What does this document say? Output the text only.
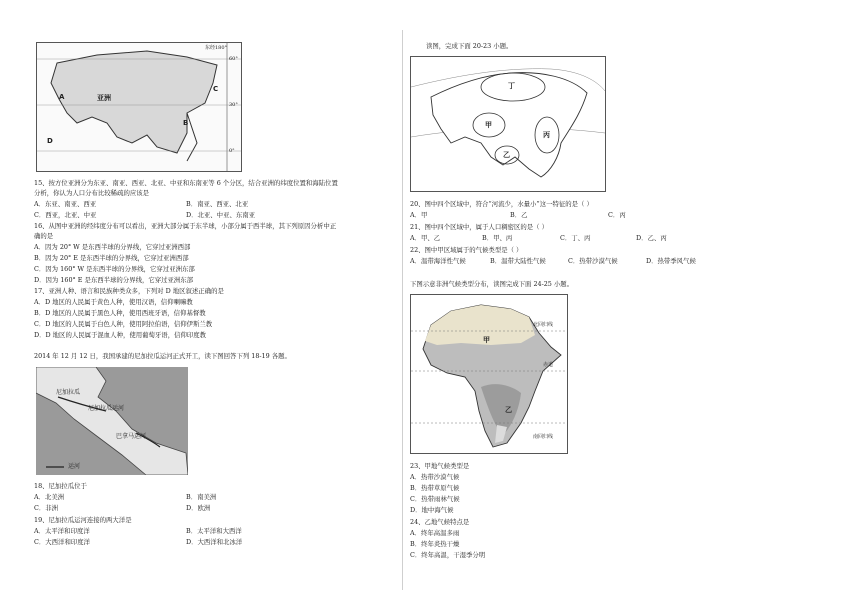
亚洲
A
B
C
D
东经180°
60°
30°
0°
15、按方位亚洲分为东亚、南亚、西亚、北亚、中亚和东南亚等 6 个分区，结合亚洲的纬度位置和海陆位置
分析，你认为人口分布比较稀疏的应该是
A．东亚、南亚、西亚	B．南亚、西亚、北亚
C．西亚，北亚、中亚	D．北亚、中亚、东南亚
16、从图中亚洲的经纬度分布可以看出，亚洲大部分属于东半球，小部分属于西半球，其下列原因分析中正
确的是
A．因为 20° W 是东西半球的分界线，它穿过亚洲西部
B．因为 20° E 是东西半球的分界线，它穿过亚洲西部
C．因为 160° W 是东西半球的分界线，它穿过亚洲东部
D．因为 160° E 是东西半球的分界线，它穿过亚洲东部
17、亚洲人种、语言和民族种类众多，下列对 D 地区叙述正确的是
A．D 地区的人民属于黄色人种，使用汉语，信仰喇嘛教
B．D 地区的人民属于黑色人种，使用西班牙语，信仰基督教
C．D 地区的人民属于白色人种，使用阿拉伯语，信仰伊斯兰教
D．D 地区的人民属于混血人种，使用葡萄牙语，信仰印度教
2014 年 12 月 12 日，我国承建的尼加拉瓜运河正式开工，读下图回答下列 18-19 各题。
尼加拉瓜
尼加拉瓜运河
巴拿马运河
运河
18、尼加拉瓜位于
A．北美洲	B．南美洲
C．非洲	D．欧洲
19、尼加拉瓜运河连接的两大洋是
A．太平洋和印度洋	B．太平洋和大西洋
C．大西洋和印度洋	D．大西洋和北冰洋
读图，完成下面 20-23 小题。
丁
甲
丙
乙
20、图中四个区域中，符合“河流少，水量小”这一特征的是（ ）
A．甲	B．乙	C．丙
21、图中四个区域中，属于人口稠密区的是（ ）
A．甲、乙	B．甲、丙	C．丁、丙	D．乙、丙
22、图中甲区域属于的气候类型是（ ）
A．温带海洋性气候	B．温带大陆性气候	C．热带沙漠气候	D．热带季风气候
下图示意非洲气候类型分布，读图完成下面 24-25 小题。
甲
乙
北回归线
赤道
南回归线
23、甲地气候类型是
A．热带沙漠气候
B．热带草原气候
C．热带雨林气候
D．地中海气候
24、乙地气候特点是
A．终年高温多雨
B．终年炎热干燥
C．终年高温，干湿季分明
